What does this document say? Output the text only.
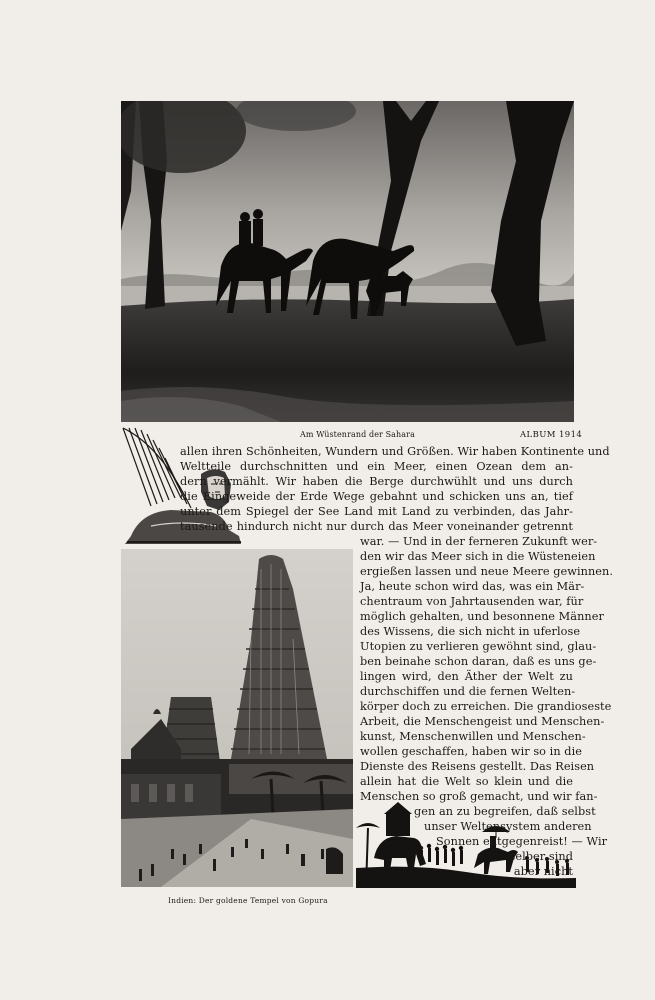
Am Wüstenrand der Sahara	ALBUM 1914
Indien: Der goldene Tempel von Gopura
allen ihren Schönheiten, Wundern und Größen. Wir haben Kontinente und
Weltteile durchschnitten und ein Meer, einen Ozean dem an-
dern vermählt. Wir haben die Berge durchwühlt und uns durch
die Eingeweide der Erde Wege gebahnt und schicken uns an, tief
unter dem Spiegel der See Land mit Land zu verbinden, das Jahr-
tausende hindurch nicht nur durch das Meer voneinander getrennt
war. — Und in der ferneren Zukunft wer-
den wir das Meer sich in die Wüsteneien
ergießen lassen und neue Meere gewinnen.
Ja, heute schon wird das, was ein Mär-
chentraum von Jahrtausenden war, für
möglich gehalten, und besonnene Männer
des Wissens, die sich nicht in uferlose
Utopien zu verlieren gewöhnt sind, glau-
ben beinahe schon daran, daß es uns ge-
lingen wird, den Äther der Welt zu
durchschiffen und die fernen Welten-
körper doch zu erreichen. Die grandioseste
Arbeit, die Menschengeist und Menschen-
kunst, Menschenwillen und Menschen-
wollen geschaffen, haben wir so in die
Dienste des Reisens gestellt. Das Reisen
allein hat die Welt so klein und die
Menschen so groß gemacht, und wir fan-
gen an zu begreifen, daß selbst
unser Weltensystem anderen
Sonnen entgegenreist! — Wir
selber sind
aber nicht
